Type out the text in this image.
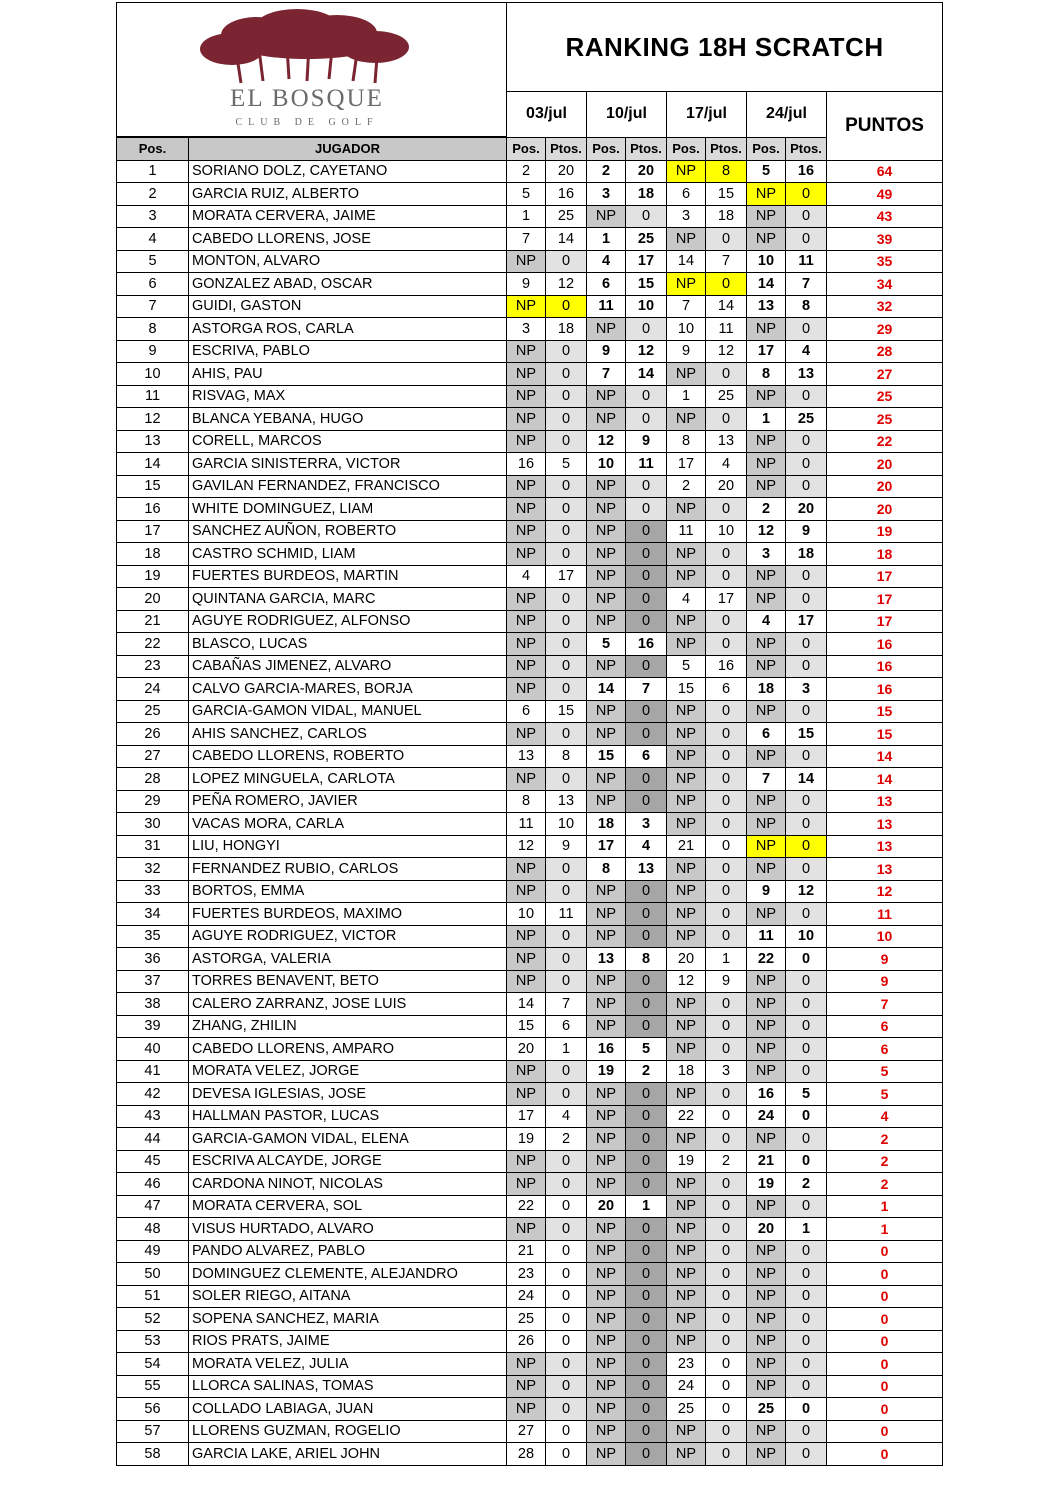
EL BOSQUE
CLUB DE GOLF		RANKING 18H SCRATCH								
		03/jul		10/jul		17/jul		24/jul		PUNTOS
Pos.	JUGADOR	Pos.	Ptos.	Pos.	Ptos.	Pos.	Ptos.	Pos.	Ptos.	
1	SORIANO DOLZ, CAYETANO	2	20	2	20	NP	8	5	16	64
2	GARCIA RUIZ, ALBERTO	5	16	3	18	6	15	NP	0	49
3	MORATA CERVERA, JAIME	1	25	NP	0	3	18	NP	0	43
4	CABEDO LLORENS, JOSE	7	14	1	25	NP	0	NP	0	39
5	MONTON, ALVARO	NP	0	4	17	14	7	10	11	35
6	GONZALEZ ABAD, OSCAR	9	12	6	15	NP	0	14	7	34
7	GUIDI, GASTON	NP	0	11	10	7	14	13	8	32
8	ASTORGA ROS, CARLA	3	18	NP	0	10	11	NP	0	29
9	ESCRIVA, PABLO	NP	0	9	12	9	12	17	4	28
10	AHIS, PAU	NP	0	7	14	NP	0	8	13	27
11	RISVAG, MAX	NP	0	NP	0	1	25	NP	0	25
12	BLANCA YEBANA, HUGO	NP	0	NP	0	NP	0	1	25	25
13	CORELL, MARCOS	NP	0	12	9	8	13	NP	0	22
14	GARCIA SINISTERRA, VICTOR	16	5	10	11	17	4	NP	0	20
15	GAVILAN FERNANDEZ, FRANCISCO	NP	0	NP	0	2	20	NP	0	20
16	WHITE DOMINGUEZ, LIAM	NP	0	NP	0	NP	0	2	20	20
17	SANCHEZ AUÑON, ROBERTO	NP	0	NP	0	11	10	12	9	19
18	CASTRO SCHMID, LIAM	NP	0	NP	0	NP	0	3	18	18
19	FUERTES BURDEOS, MARTIN	4	17	NP	0	NP	0	NP	0	17
20	QUINTANA GARCIA, MARC	NP	0	NP	0	4	17	NP	0	17
21	AGUYE RODRIGUEZ, ALFONSO	NP	0	NP	0	NP	0	4	17	17
22	BLASCO, LUCAS	NP	0	5	16	NP	0	NP	0	16
23	CABAÑAS JIMENEZ, ALVARO	NP	0	NP	0	5	16	NP	0	16
24	CALVO GARCIA-MARES, BORJA	NP	0	14	7	15	6	18	3	16
25	GARCIA-GAMON VIDAL, MANUEL	6	15	NP	0	NP	0	NP	0	15
26	AHIS SANCHEZ, CARLOS	NP	0	NP	0	NP	0	6	15	15
27	CABEDO LLORENS, ROBERTO	13	8	15	6	NP	0	NP	0	14
28	LOPEZ MINGUELA, CARLOTA	NP	0	NP	0	NP	0	7	14	14
29	PEÑA ROMERO, JAVIER	8	13	NP	0	NP	0	NP	0	13
30	VACAS MORA, CARLA	11	10	18	3	NP	0	NP	0	13
31	LIU, HONGYI	12	9	17	4	21	0	NP	0	13
32	FERNANDEZ RUBIO, CARLOS	NP	0	8	13	NP	0	NP	0	13
33	BORTOS, EMMA	NP	0	NP	0	NP	0	9	12	12
34	FUERTES BURDEOS, MAXIMO	10	11	NP	0	NP	0	NP	0	11
35	AGUYE RODRIGUEZ, VICTOR	NP	0	NP	0	NP	0	11	10	10
36	ASTORGA, VALERIA	NP	0	13	8	20	1	22	0	9
37	TORRES BENAVENT, BETO	NP	0	NP	0	12	9	NP	0	9
38	CALERO ZARRANZ, JOSE LUIS	14	7	NP	0	NP	0	NP	0	7
39	ZHANG, ZHILIN	15	6	NP	0	NP	0	NP	0	6
40	CABEDO LLORENS, AMPARO	20	1	16	5	NP	0	NP	0	6
41	MORATA VELEZ, JORGE	NP	0	19	2	18	3	NP	0	5
42	DEVESA IGLESIAS, JOSE	NP	0	NP	0	NP	0	16	5	5
43	HALLMAN PASTOR, LUCAS	17	4	NP	0	22	0	24	0	4
44	GARCIA-GAMON VIDAL, ELENA	19	2	NP	0	NP	0	NP	0	2
45	ESCRIVA ALCAYDE, JORGE	NP	0	NP	0	19	2	21	0	2
46	CARDONA NINOT, NICOLAS	NP	0	NP	0	NP	0	19	2	2
47	MORATA CERVERA, SOL	22	0	20	1	NP	0	NP	0	1
48	VISUS HURTADO, ALVARO	NP	0	NP	0	NP	0	20	1	1
49	PANDO ALVAREZ, PABLO	21	0	NP	0	NP	0	NP	0	0
50	DOMINGUEZ CLEMENTE, ALEJANDRO	23	0	NP	0	NP	0	NP	0	0
51	SOLER RIEGO, AITANA	24	0	NP	0	NP	0	NP	0	0
52	SOPENA SANCHEZ, MARIA	25	0	NP	0	NP	0	NP	0	0
53	RIOS PRATS, JAIME	26	0	NP	0	NP	0	NP	0	0
54	MORATA VELEZ, JULIA	NP	0	NP	0	23	0	NP	0	0
55	LLORCA SALINAS, TOMAS	NP	0	NP	0	24	0	NP	0	0
56	COLLADO LABIAGA, JUAN	NP	0	NP	0	25	0	25	0	0
57	LLORENS GUZMAN, ROGELIO	27	0	NP	0	NP	0	NP	0	0
58	GARCIA LAKE, ARIEL JOHN	28	0	NP	0	NP	0	NP	0	0
